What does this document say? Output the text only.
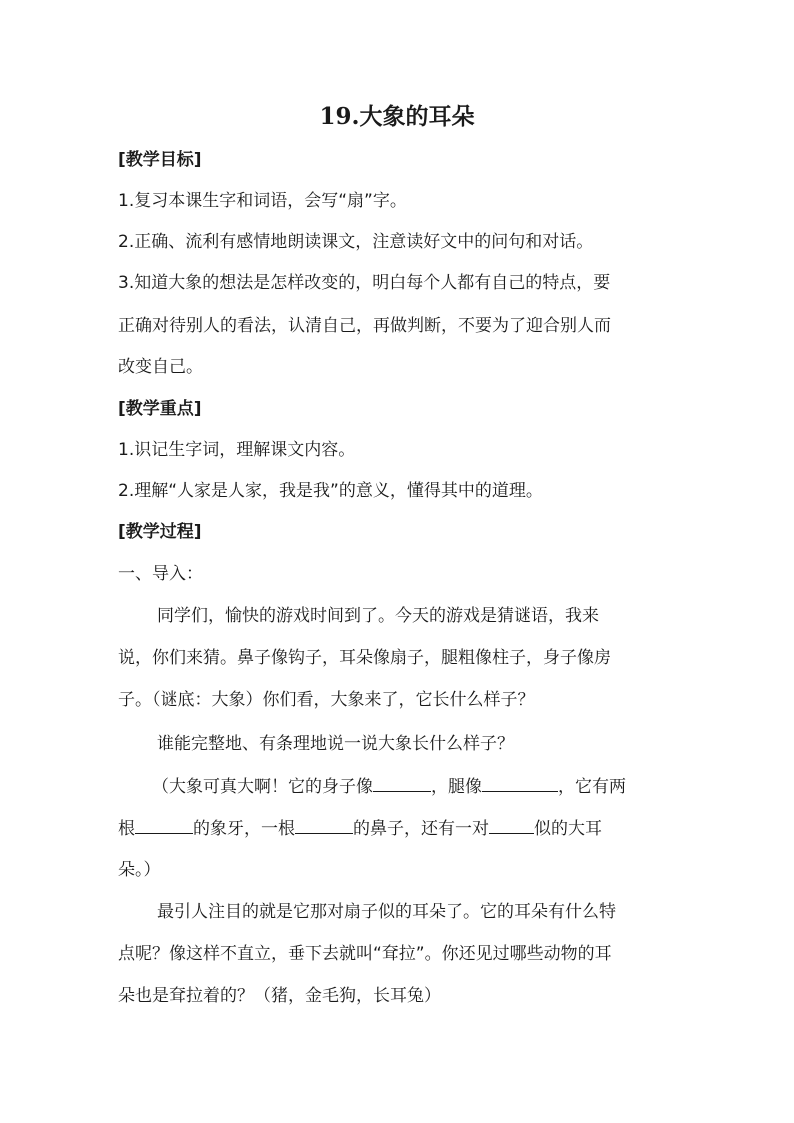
19.大象的耳朵
[教学目标]
1.复习本课生字和词语，会写“扇”字。
2.正确、流利有感情地朗读课文，注意读好文中的问句和对话。
3.知道大象的想法是怎样改变的，明白每个人都有自己的特点，要
正确对待别人的看法，认清自己，再做判断，不要为了迎合别人而
改变自己。
[教学重点]
1.识记生字词，理解课文内容。
2.理解“人家是人家，我是我”的意义，懂得其中的道理。
[教学过程]
一、导入：
同学们，愉快的游戏时间到了。今天的游戏是猜谜语，我来
说，你们来猜。鼻子像钩子，耳朵像扇子，腿粗像柱子，身子像房
子。（谜底：大象）你们看，大象来了，它长什么样子？
谁能完整地、有条理地说一说大象长什么样子？
（大象可真大啊！它的身子像	，腿像	，它有两
根	的象牙，一根	的鼻子，还有一对	似的大耳
朵。）
最引人注目的就是它那对扇子似的耳朵了。它的耳朵有什么特
点呢？像这样不直立，垂下去就叫“耷拉”。你还见过哪些动物的耳
朵也是耷拉着的？（猪，金毛狗，长耳兔）
